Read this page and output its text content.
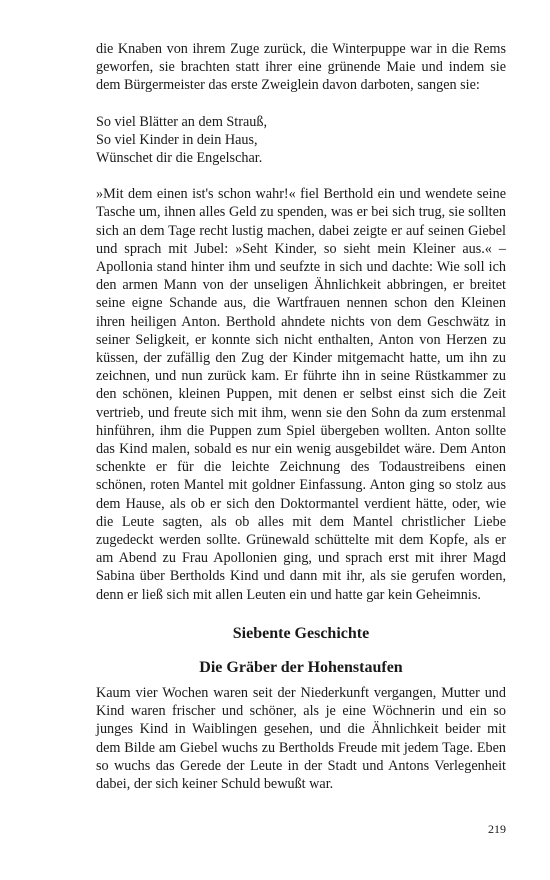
die Knaben von ihrem Zuge zurück, die Winterpuppe war in die Rems geworfen, sie brachten statt ihrer eine grünende Maie und indem sie dem Bürgermeister das erste Zweiglein davon darboten, sangen sie:

So viel Blätter an dem Strauß,
So viel Kinder in dein Haus,
Wünschet dir die Engelschar.

»Mit dem einen ist's schon wahr!« fiel Berthold ein und wendete seine Tasche um, ihnen alles Geld zu spenden, was er bei sich trug, sie sollten sich an dem Tage recht lustig machen, dabei zeigte er auf seinen Giebel und sprach mit Jubel: »Seht Kinder, so sieht mein Kleiner aus.« – Apollonia stand hinter ihm und seufzte in sich und dachte: Wie soll ich den armen Mann von der unseligen Ähnlichkeit abbringen, er breitet seine eigne Schande aus, die Wartfrauen nennen schon den Kleinen ihren heiligen Anton. Berthold ahndete nichts von dem Geschwätz in seiner Seligkeit, er konnte sich nicht enthalten, Anton von Herzen zu küssen, der zufällig den Zug der Kinder mitgemacht hatte, um ihn zu zeichnen, und nun zurück kam. Er führte ihn in seine Rüstkammer zu den schönen, kleinen Puppen, mit denen er selbst einst sich die Zeit vertrieb, und freute sich mit ihm, wenn sie den Sohn da zum erstenmal hinführen, ihm die Puppen zum Spiel übergeben wollten. Anton sollte das Kind malen, sobald es nur ein wenig ausgebildet wäre. Dem Anton schenkte er für die leichte Zeichnung des Todaustreibens einen schönen, roten Mantel mit goldner Einfassung. Anton ging so stolz aus dem Hause, als ob er sich den Doktormantel verdient hätte, oder, wie die Leute sagten, als ob alles mit dem Mantel christlicher Liebe zugedeckt werden sollte. Grünewald schüttelte mit dem Kopfe, als er am Abend zu Frau Apollonien ging, und sprach erst mit ihrer Magd Sabina über Bertholds Kind und dann mit ihr, als sie gerufen worden, denn er ließ sich mit allen Leuten ein und hatte gar kein Geheimnis.

Siebente Geschichte
Die Gräber der Hohenstaufen

Kaum vier Wochen waren seit der Niederkunft vergangen, Mutter und Kind waren frischer und schöner, als je eine Wöchnerin und ein so junges Kind in Waiblingen gesehen, und die Ähnlichkeit beider mit dem Bilde am Giebel wuchs zu Bertholds Freude mit jedem Tage. Eben so wuchs das Gerede der Leute in der Stadt und Antons Verlegenheit dabei, der sich keiner Schuld bewußt war.

219
